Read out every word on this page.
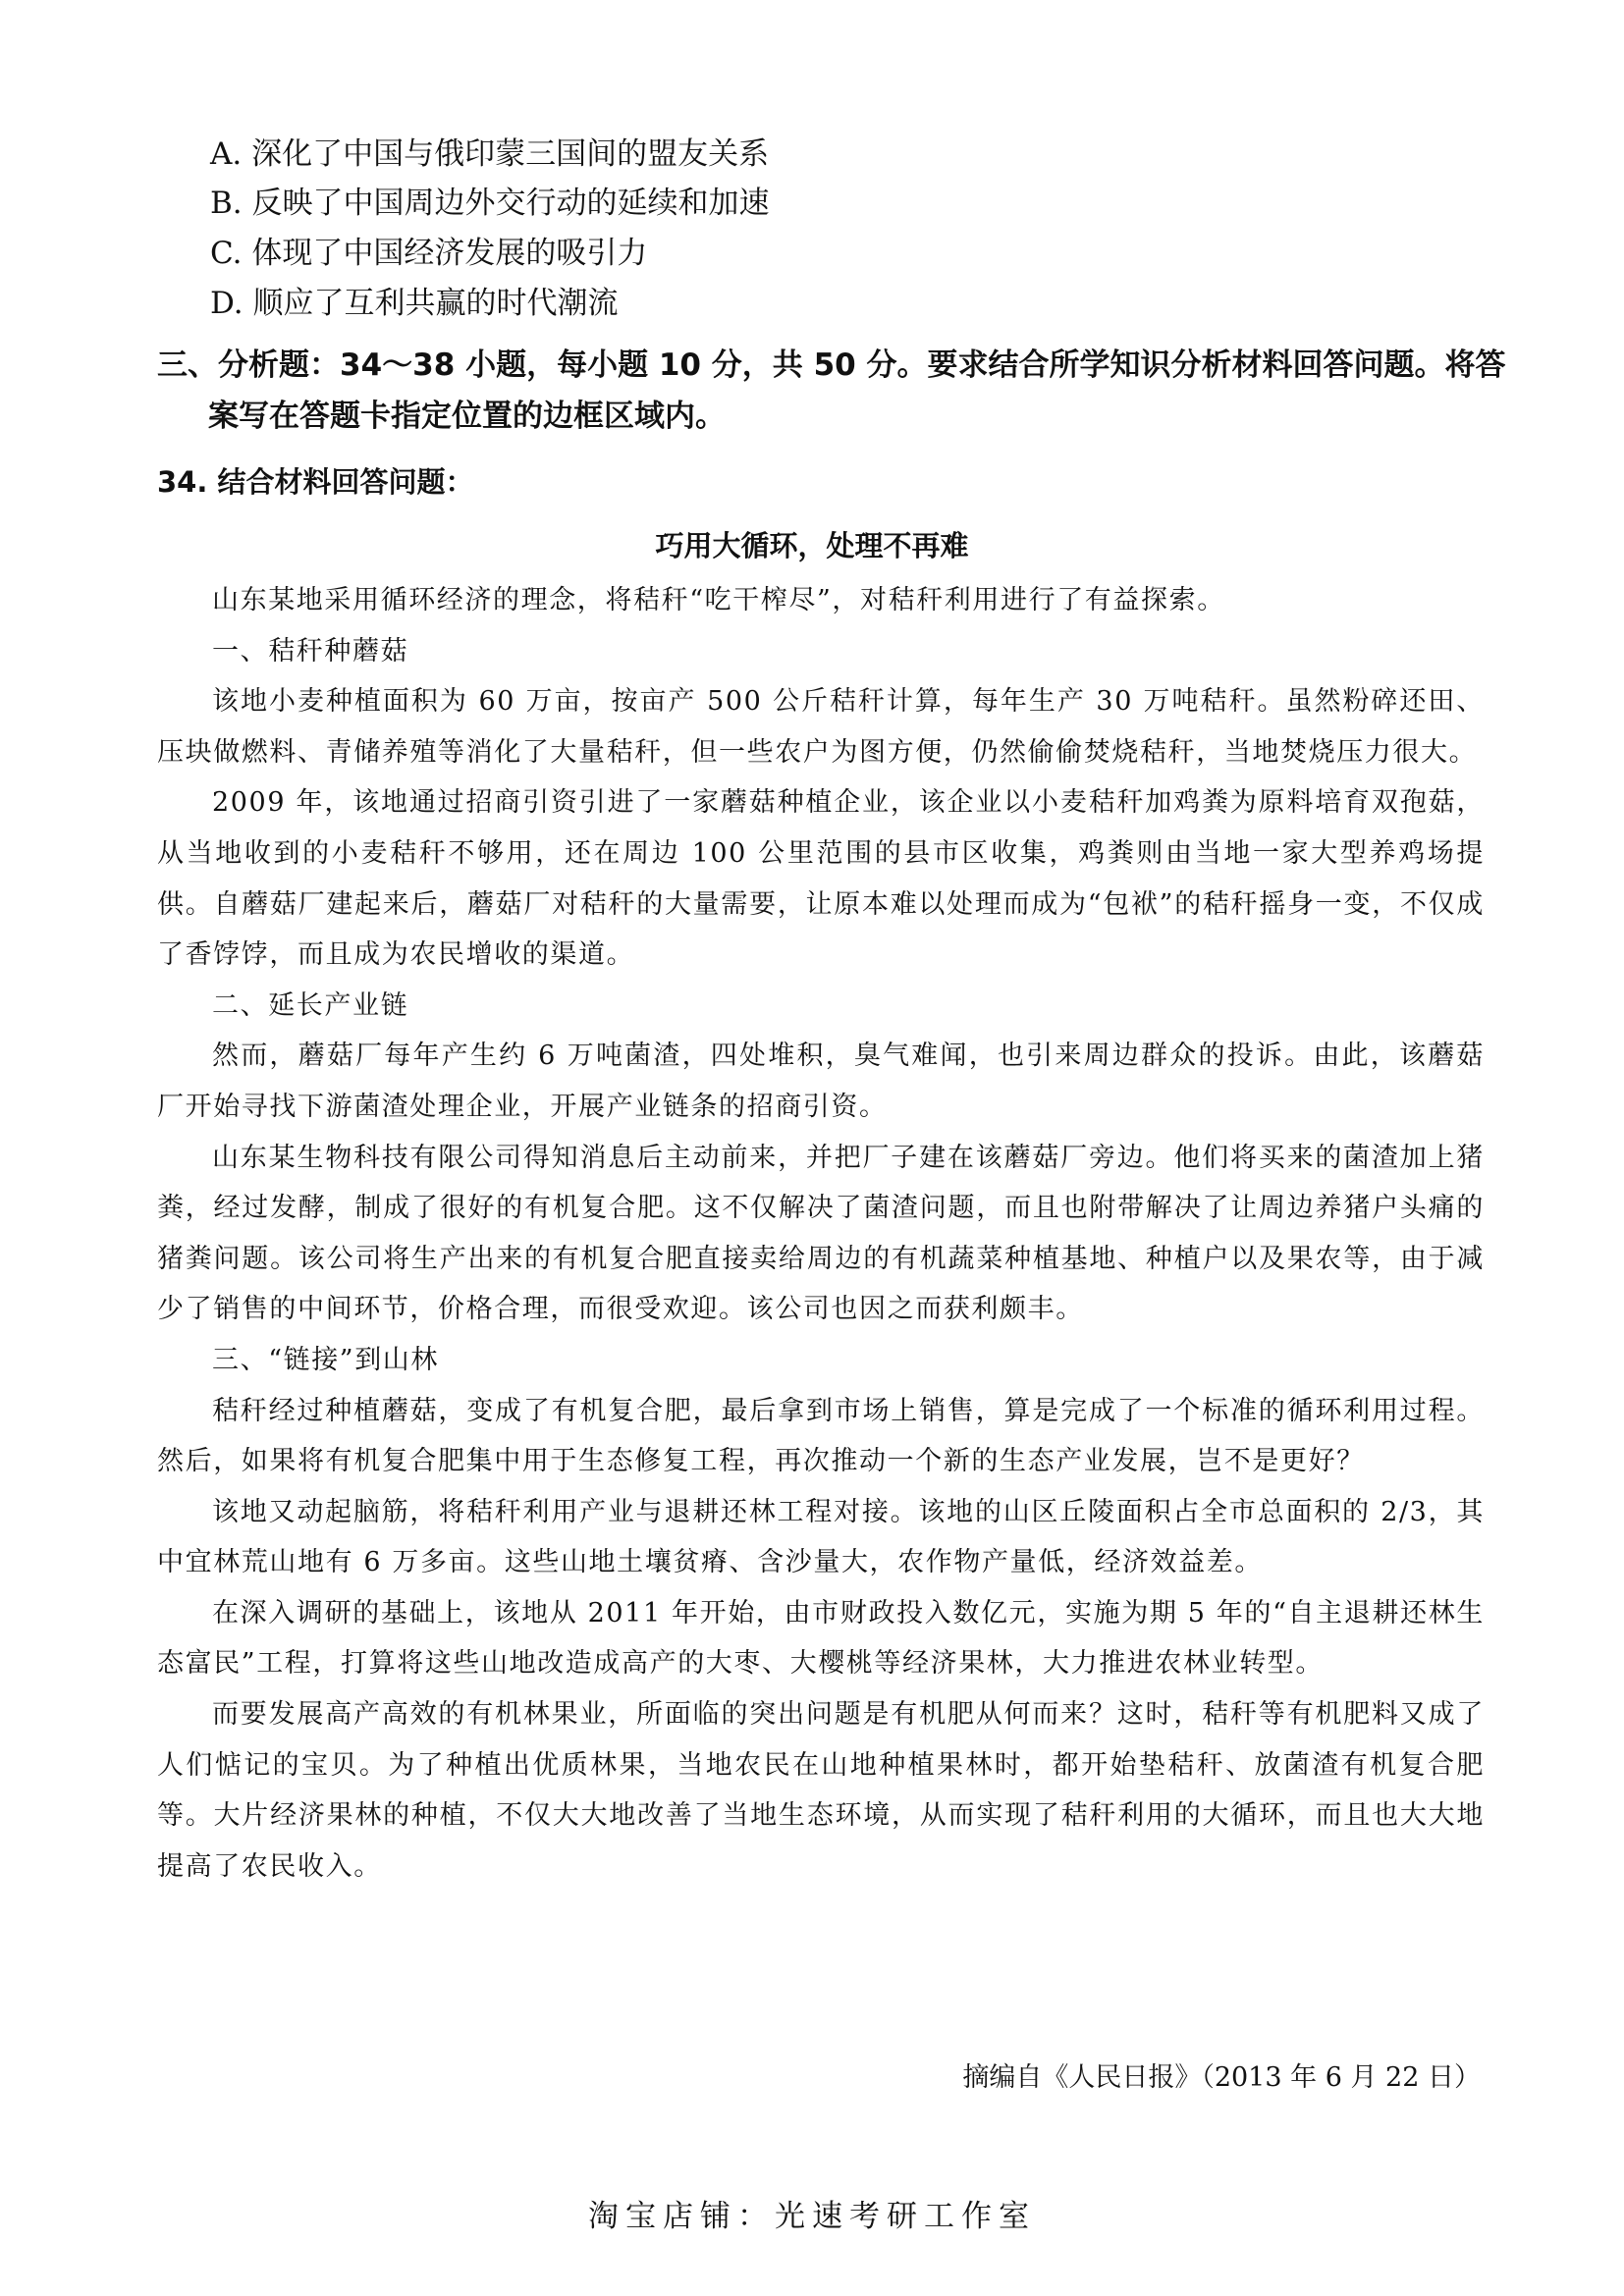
A. 深化了中国与俄印蒙三国间的盟友关系
B. 反映了中国周边外交行动的延续和加速
C. 体现了中国经济发展的吸引力
D. 顺应了互利共赢的时代潮流
三、分析题：34～38 小题，每小题 10 分，共 50 分。要求结合所学知识分析材料回答问题。将答
案写在答题卡指定位置的边框区域内。
34. 结合材料回答问题：
巧用大循环，处理不再难

山东某地采用循环经济的理念，将秸秆“吃干榨尽”，对秸秆利用进行了有益探索。

一、秸秆种蘑菇

该地小麦种植面积为 60 万亩，按亩产 500 公斤秸秆计算，每年生产 30 万吨秸秆。虽然粉碎还田、压块做燃料、青储养殖等消化了大量秸秆，但一些农户为图方便，仍然偷偷焚烧秸秆，当地焚烧压力很大。

2009 年，该地通过招商引资引进了一家蘑菇种植企业，该企业以小麦秸秆加鸡粪为原料培育双孢菇，从当地收到的小麦秸秆不够用，还在周边 100 公里范围的县市区收集，鸡粪则由当地一家大型养鸡场提供。自蘑菇厂建起来后，蘑菇厂对秸秆的大量需要，让原本难以处理而成为“包袱”的秸秆摇身一变，不仅成了香饽饽，而且成为农民增收的渠道。

二、延长产业链

然而，蘑菇厂每年产生约 6 万吨菌渣，四处堆积，臭气难闻，也引来周边群众的投诉。由此，该蘑菇厂开始寻找下游菌渣处理企业，开展产业链条的招商引资。

山东某生物科技有限公司得知消息后主动前来，并把厂子建在该蘑菇厂旁边。他们将买来的菌渣加上猪粪，经过发酵，制成了很好的有机复合肥。这不仅解决了菌渣问题，而且也附带解决了让周边养猪户头痛的猪粪问题。该公司将生产出来的有机复合肥直接卖给周边的有机蔬菜种植基地、种植户以及果农等，由于减少了销售的中间环节，价格合理，而很受欢迎。该公司也因之而获利颇丰。

三、“链接”到山林

秸秆经过种植蘑菇，变成了有机复合肥，最后拿到市场上销售，算是完成了一个标准的循环利用过程。然后，如果将有机复合肥集中用于生态修复工程，再次推动一个新的生态产业发展，岂不是更好？

该地又动起脑筋，将秸秆利用产业与退耕还林工程对接。该地的山区丘陵面积占全市总面积的 2/3，其中宜林荒山地有 6 万多亩。这些山地土壤贫瘠、含沙量大，农作物产量低，经济效益差。

在深入调研的基础上，该地从 2011 年开始，由市财政投入数亿元，实施为期 5 年的“自主退耕还林生态富民”工程，打算将这些山地改造成高产的大枣、大樱桃等经济果林，大力推进农林业转型。

而要发展高产高效的有机林果业，所面临的突出问题是有机肥从何而来？这时，秸秆等有机肥料又成了人们惦记的宝贝。为了种植出优质林果，当地农民在山地种植果林时，都开始垫秸秆、放菌渣有机复合肥等。大片经济果林的种植，不仅大大地改善了当地生态环境，从而实现了秸秆利用的大循环，而且也大大地提高了农民收入。

摘编自《人民日报》（2013 年 6 月 22 日）
淘宝店铺：光速考研工作室
